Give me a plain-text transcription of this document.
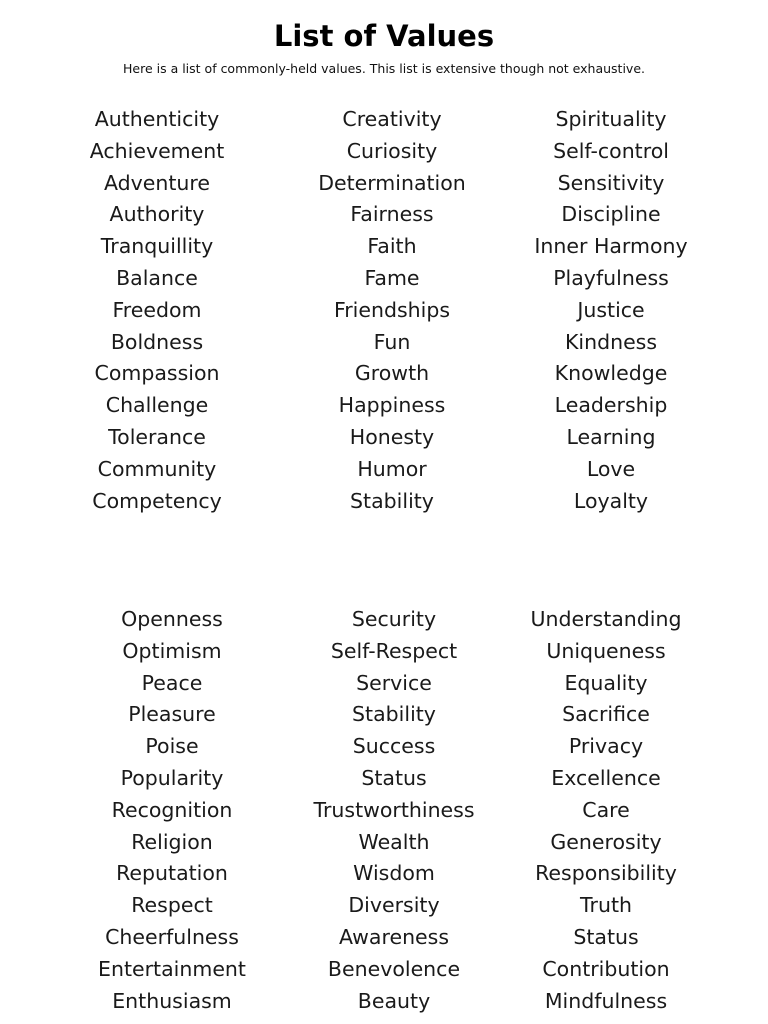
List of Values
Here is a list of commonly-held values. This list is extensive though not exhaustive.
Authenticity
Achievement
Adventure
Authority
Tranquillity
Balance
Freedom
Boldness
Compassion
Challenge
Tolerance
Community
Competency
Creativity
Curiosity
Determination
Fairness
Faith
Fame
Friendships
Fun
Growth
Happiness
Honesty
Humor
Stability
Spirituality
Self-control
Sensitivity
Discipline
Inner Harmony
Playfulness
Justice
Kindness
Knowledge
Leadership
Learning
Love
Loyalty
Openness
Optimism
Peace
Pleasure
Poise
Popularity
Recognition
Religion
Reputation
Respect
Cheerfulness
Entertainment
Enthusiasm
Security
Self-Respect
Service
Stability
Success
Status
Trustworthiness
Wealth
Wisdom
Diversity
Awareness
Benevolence
Beauty
Understanding
Uniqueness
Equality
Sacrifice
Privacy
Excellence
Care
Generosity
Responsibility
Truth
Status
Contribution
Mindfulness
